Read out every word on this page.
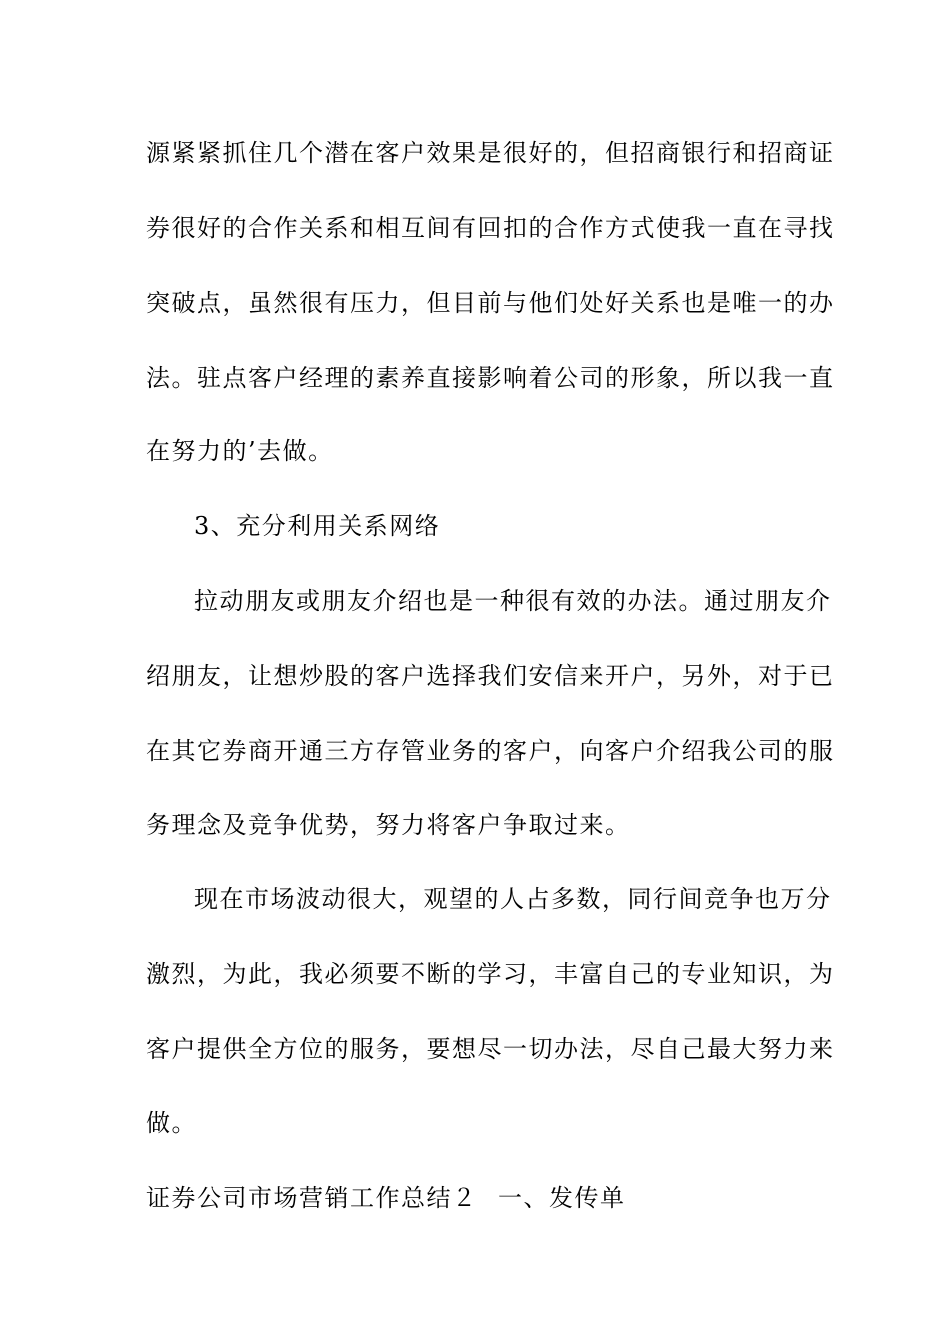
源紧紧抓住几个潜在客户效果是很好的，但招商银行和招商证
券很好的合作关系和相互间有回扣的合作方式使我一直在寻找
突破点，虽然很有压力，但目前与他们处好关系也是唯一的办
法。驻点客户经理的素养直接影响着公司的形象，所以我一直
在努力的’去做。
3、充分利用关系网络
拉动朋友或朋友介绍也是一种很有效的办法。通过朋友介
绍朋友，让想炒股的客户选择我们安信来开户，另外，对于已
在其它券商开通三方存管业务的客户，向客户介绍我公司的服
务理念及竞争优势，努力将客户争取过来。
现在市场波动很大，观望的人占多数，同行间竞争也万分
激烈，为此，我必须要不断的学习，丰富自己的专业知识，为
客户提供全方位的服务，要想尽一切办法，尽自己最大努力来
做。
证券公司市场营销工作总结２ 一、发传单
